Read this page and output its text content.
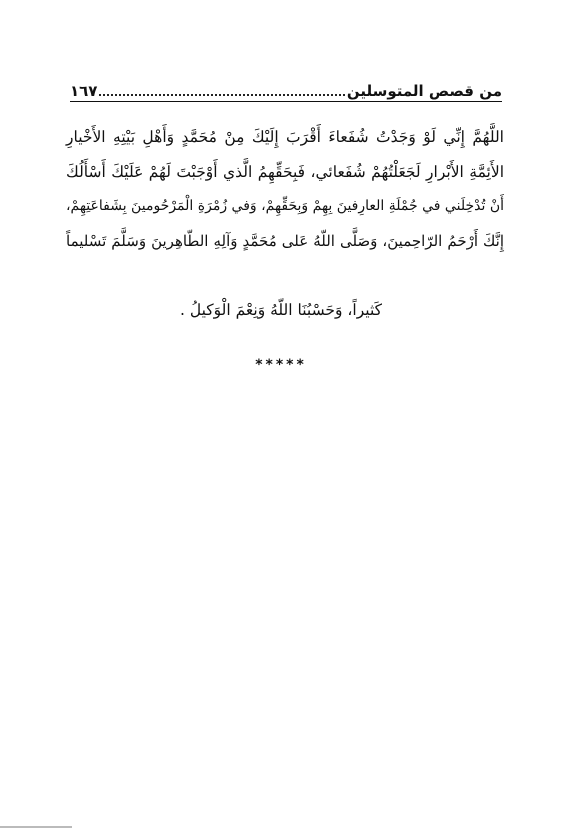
من قصص المتوسلين
١٦٧
اللَّهُمَّ إِنِّي لَوْ وَجَدْتُ شُفَعاءَ أَقْرَبَ إِلَيْكَ مِنْ مُحَمَّدٍ وَأَهْلِ بَيْتِهِ الأَخْيارِ
الأَئِمَّةِ الأَبْرارِ لَجَعَلْتُهُمْ شُفَعائي، فَبِحَقِّهِمُ الَّذي أَوْجَبْتَ لَهُمْ عَلَيْكَ أَسْأَلُكَ
أَنْ تُدْخِلَني في جُمْلَةِ العارِفينَ بِهِمْ وَبِحَقِّهِمْ، وَفي زُمْرَةِ الْمَرْحُومينَ بِشَفاعَتِهِمْ،
إِنَّكَ أَرْحَمُ الرّاحِمينَ، وَصَلَّى اللّهُ عَلى مُحَمَّدٍ وَآلِهِ الطّاهِرينَ وَسَلَّمَ تَسْليماً
كَثيراً، وَحَسْبُنَا اللّهُ وَنِعْمَ الْوَكيلُ .
*****
